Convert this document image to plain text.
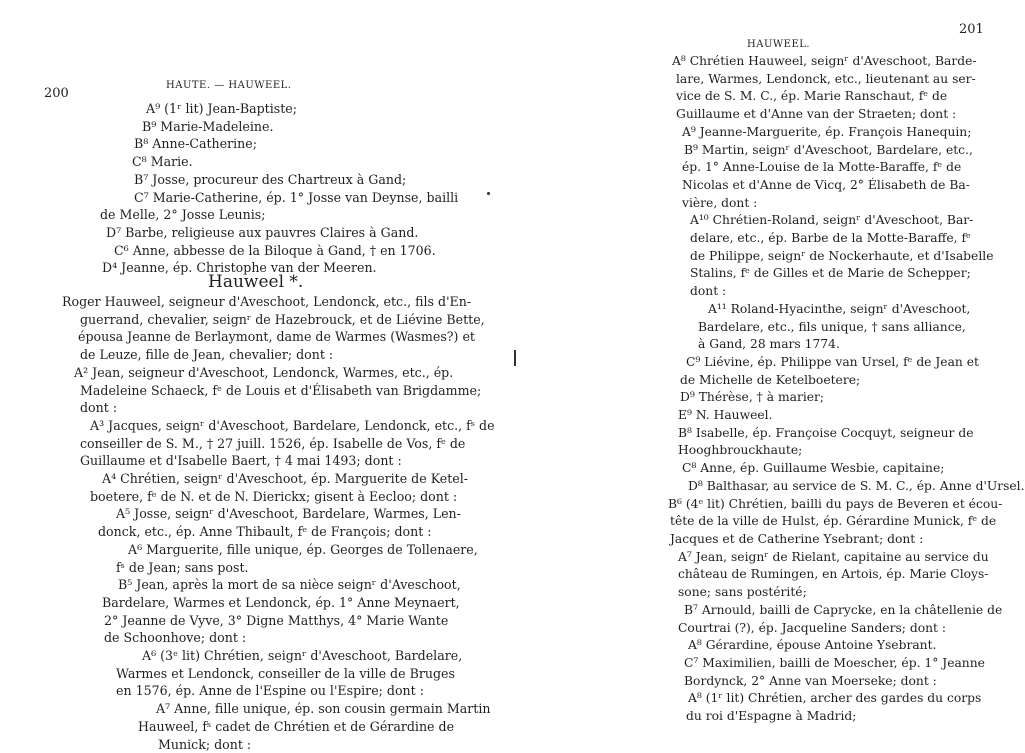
200
HAUTE. — HAUWEEL.
A⁹ (1ʳ lit) Jean-Baptiste;
B⁹ Marie-Madeleine.
B⁸ Anne-Catherine;
C⁸ Marie.
B⁷ Josse, procureur des Chartreux à Gand;
C⁷ Marie-Catherine, ép. 1° Josse van Deynse, bailli
de Melle, 2° Josse Leunis;
D⁷ Barbe, religieuse aux pauvres Claires à Gand.
C⁶ Anne, abbesse de la Biloque à Gand, † en 1706.
D⁴ Jeanne, ép. Christophe van der Meeren.
Hauweel *.
Roger Hauweel, seigneur d'Aveschoot, Lendonck, etc., fils d'En-
guerrand, chevalier, seignʳ de Hazebrouck, et de Liévine Bette,
épousa Jeanne de Berlaymont, dame de Warmes (Wasmes?) et
de Leuze, fille de Jean, chevalier; dont :
A² Jean, seigneur d'Aveschoot, Lendonck, Warmes, etc., ép.
Madeleine Schaeck, fᵉ de Louis et d'Élisabeth van Brigdamme;
dont :
A³ Jacques, seignʳ d'Aveschoot, Bardelare, Lendonck, etc., fˢ de
conseiller de S. M., † 27 juill. 1526, ép. Isabelle de Vos, fᵉ de
Guillaume et d'Isabelle Baert, † 4 mai 1493; dont :
A⁴ Chrétien, seignʳ d'Aveschoot, ép. Marguerite de Ketel-
boetere, fᵉ de N. et de N. Dierickx; gisent à Eecloo; dont :
A⁵ Josse, seignʳ d'Aveschoot, Bardelare, Warmes, Len-
donck, etc., ép. Anne Thibault, fᵉ de François; dont :
A⁶ Marguerite, fille unique, ép. Georges de Tollenaere,
fˢ de Jean; sans post.
B⁵ Jean, après la mort de sa nièce seignʳ d'Aveschoot,
Bardelare, Warmes et Lendonck, ép. 1° Anne Meynaert,
2° Jeanne de Vyve, 3° Digne Matthys, 4° Marie Wante
de Schoonhove; dont :
A⁶ (3ᵉ lit) Chrétien, seignʳ d'Aveschoot, Bardelare,
Warmes et Lendonck, conseiller de la ville de Bruges
en 1576, ép. Anne de l'Espine ou l'Espire; dont :
A⁷ Anne, fille unique, ép. son cousin germain Martin
Hauweel, fˢ cadet de Chrétien et de Gérardine de
Munick; dont :
HAUWEEL.
201
A⁸ Chrétien Hauweel, seignʳ d'Aveschoot, Barde-
lare, Warmes, Lendonck, etc., lieutenant au ser-
vice de S. M. C., ép. Marie Ranschaut, fᵉ de
Guillaume et d'Anne van der Straeten; dont :
A⁹ Jeanne-Marguerite, ép. François Hanequin;
B⁹ Martin, seignʳ d'Aveschoot, Bardelare, etc.,
ép. 1° Anne-Louise de la Motte-Baraffe, fᵉ de
Nicolas et d'Anne de Vicq, 2° Élisabeth de Ba-
vière, dont :
A¹⁰ Chrétien-Roland, seignʳ d'Aveschoot, Bar-
delare, etc., ép. Barbe de la Motte-Baraffe, fᵉ
de Philippe, seignʳ de Nockerhaute, et d'Isabelle
Stalins, fᵉ de Gilles et de Marie de Schepper;
dont :
A¹¹ Roland-Hyacinthe, seignʳ d'Aveschoot,
Bardelare, etc., fils unique, † sans alliance,
à Gand, 28 mars 1774.
C⁹ Liévine, ép. Philippe van Ursel, fᵉ de Jean et
de Michelle de Ketelboetere;
D⁹ Thérèse, † à marier;
E⁹ N. Hauweel.
B⁸ Isabelle, ép. Françoise Cocquyt, seigneur de
Hooghbrouckhaute;
C⁸ Anne, ép. Guillaume Wesbie, capitaine;
D⁸ Balthasar, au service de S. M. C., ép. Anne d'Ursel.
B⁶ (4ᵉ lit) Chrétien, bailli du pays de Beveren et écou-
tête de la ville de Hulst, ép. Gérardine Munick, fᵉ de
Jacques et de Catherine Ysebrant; dont :
A⁷ Jean, seignʳ de Rielant, capitaine au service du
château de Rumingen, en Artois, ép. Marie Cloys-
sone; sans postérité;
B⁷ Arnould, bailli de Caprycke, en la châtellenie de
Courtrai (?), ép. Jacqueline Sanders; dont :
A⁸ Gérardine, épouse Antoine Ysebrant.
C⁷ Maximilien, bailli de Moescher, ép. 1° Jeanne
Bordynck, 2° Anne van Moerseke; dont :
A⁸ (1ʳ lit) Chrétien, archer des gardes du corps
du roi d'Espagne à Madrid;
